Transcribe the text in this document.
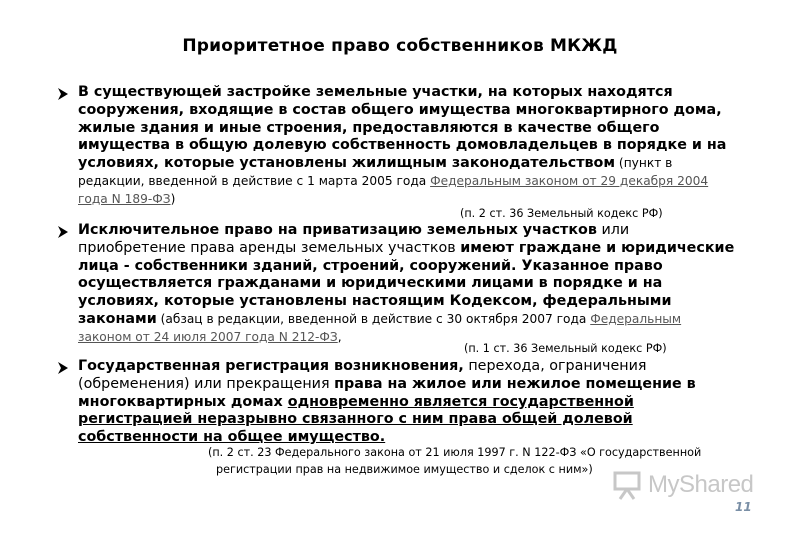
Приоритетное право собственников МКЖД
В существующей застройке земельные участки, на которых находятся сооружения, входящие в состав общего имущества многоквартирного дома, жилые здания и иные строения, предоставляются в качестве общего имущества в общую долевую собственность домовладельцев в порядке и на условиях, которые установлены жилищным законодательством (пункт в редакции, введенной в действие с 1 марта 2005 года Федеральным законом от 29 декабря 2004 года N 189-ФЗ)
(п. 2 ст. 36 Земельный кодекс РФ)
Исключительное право на приватизацию земельных участков или приобретение права аренды земельных участков имеют граждане и юридические лица - собственники зданий, строений, сооружений. Указанное право осуществляется гражданами и юридическими лицами в порядке и на условиях, которые установлены настоящим Кодексом, федеральными законами (абзац в редакции, введенной в действие с 30 октября 2007 года Федеральным законом от 24 июля 2007 года N 212-ФЗ,
(п. 1 ст. 36 Земельный кодекс РФ)
Государственная регистрация возникновения, перехода, ограничения (обременения) или прекращения права на жилое или нежилое помещение в многоквартирных домах одновременно является государственной регистрацией неразрывно связанного с ним права общей долевой собственности на общее имущество.
(п. 2 ст. 23 Федерального закона от 21 июля 1997 г. N 122-ФЗ «О государственной
регистрации прав на недвижимое имущество и сделок с ним»)
MyShared
11
